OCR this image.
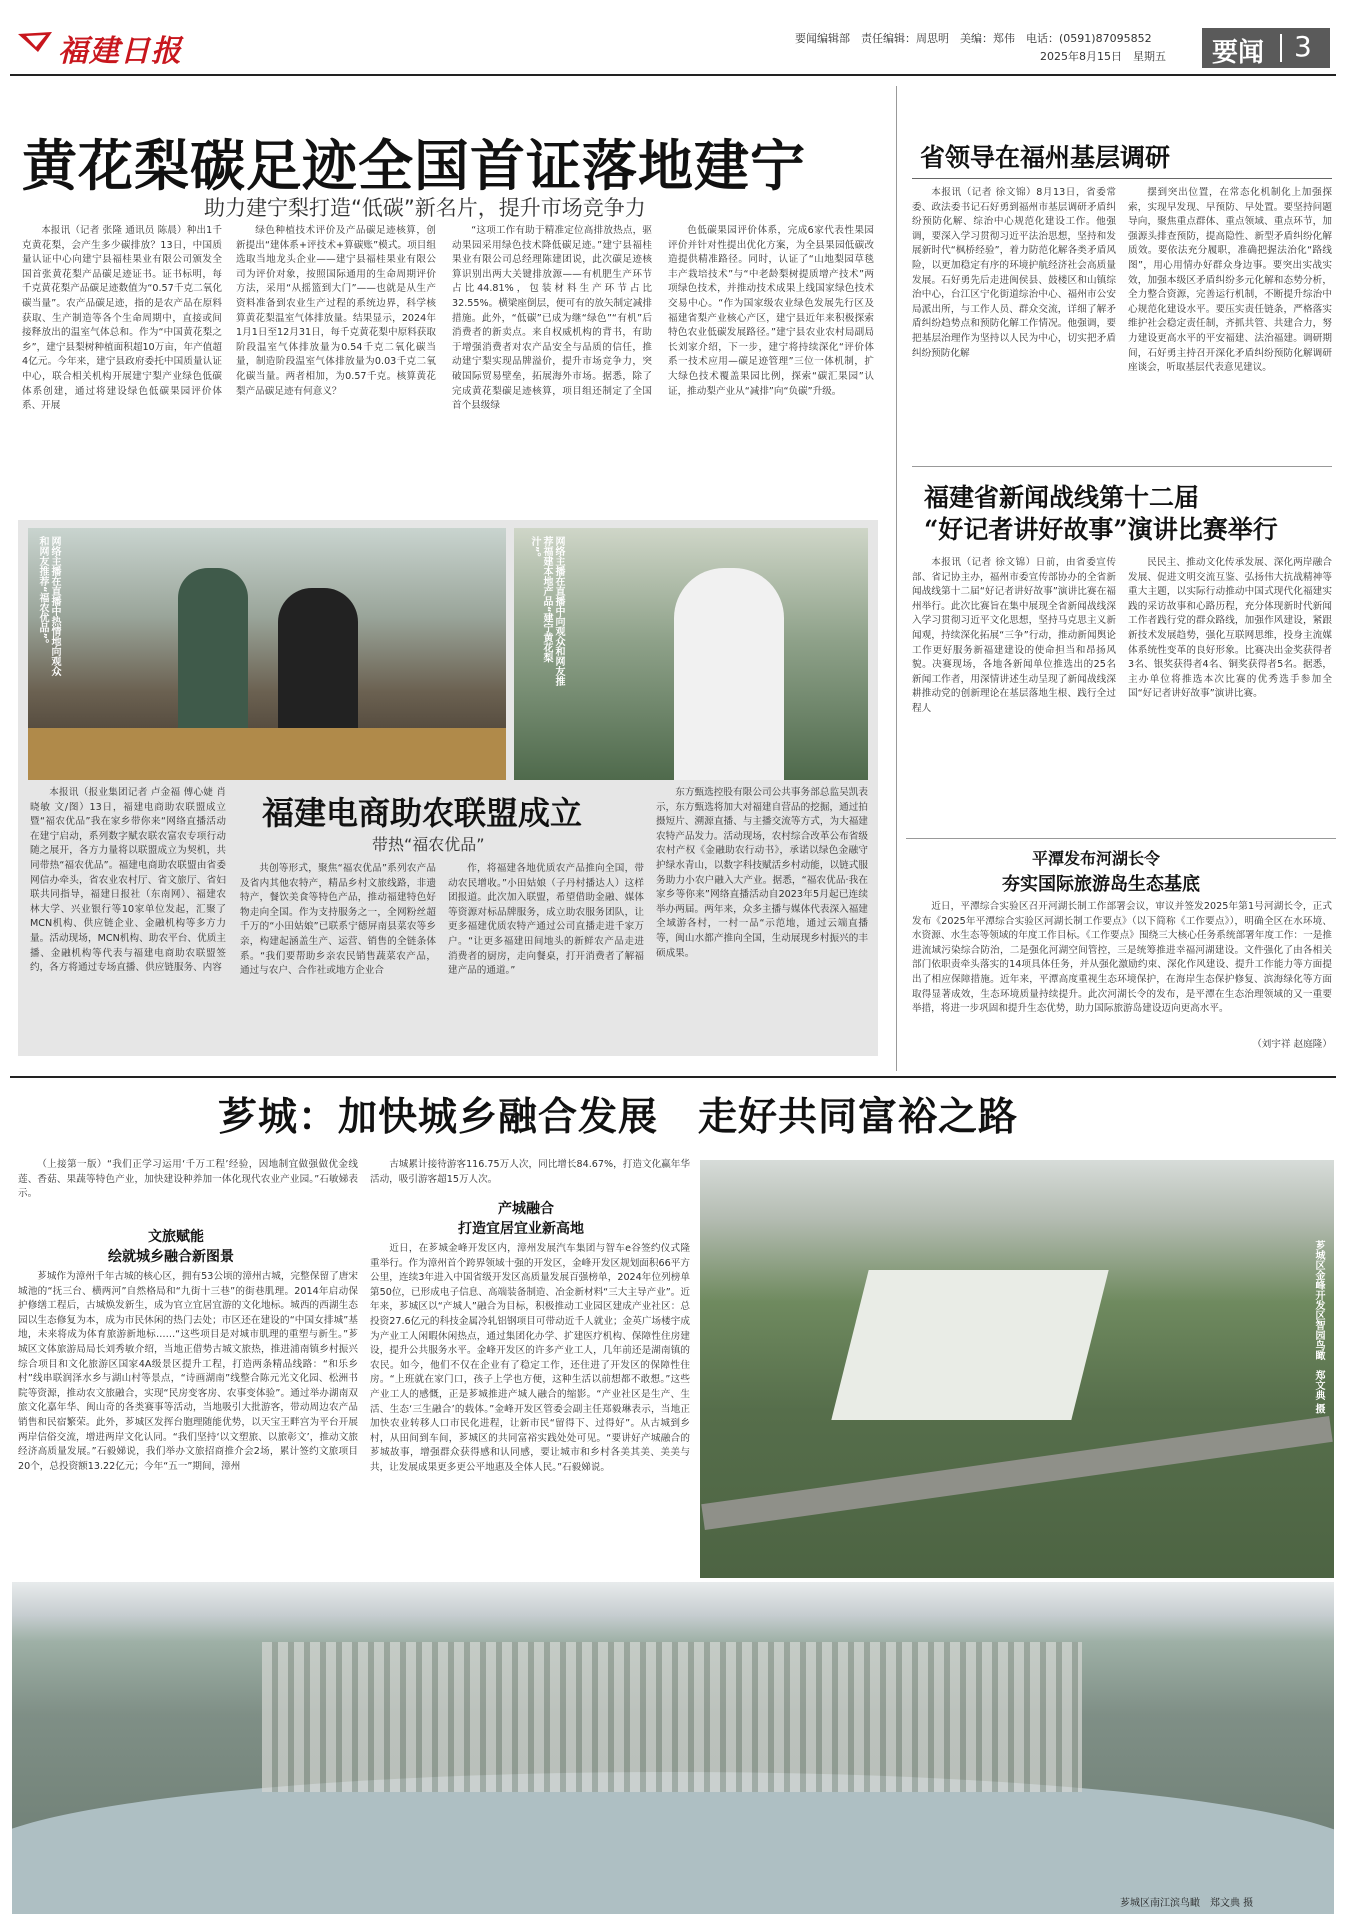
福建日报	要闻编辑部　责任编辑：周思明　美编：郑伟　电话：(0591)87095852
2025年8月15日　星期五 要闻 3
黄花梨碳足迹全国首证落地建宁
助力建宁梨打造“低碳”新名片，提升市场竞争力

本报讯（记者 张隆 通讯员 陈晨）种出1千克黄花梨，会产生多少碳排放？13日，中国质量认证中心向建宁县福桂果业有限公司颁发全国首张黄花梨产品碳足迹证书。证书标明，每千克黄花梨产品碳足迹数值为“0.57千克二氧化碳当量”。农产品碳足迹，指的是农产品在原料获取、生产制造等各个生命周期中，直接或间接释放出的温室气体总和。作为“中国黄花梨之乡”，建宁县梨树种植面积超10万亩，年产值超4亿元。今年来，建宁县政府委托中国质量认证中心，联合相关机构开展建宁梨产业绿色低碳体系创建，通过将建设绿色低碳果园评价体系、开展

绿色种植技术评价及产品碳足迹核算，创新提出“建体系+评技术+算碳账”模式。项目组选取当地龙头企业——建宁县福桂果业有限公司为评价对象，按照国际通用的生命周期评价方法，采用“从摇篮到大门”——也就是从生产资料准备到农业生产过程的系统边界，科学核算黄花梨温室气体排放量。结果显示，2024年1月1日至12月31日，每千克黄花梨中原料获取阶段温室气体排放量为0.54千克二氧化碳当量，制造阶段温室气体排放量为0.03千克二氧化碳当量。两者相加，为0.57千克。核算黄花梨产品碳足迹有何意义？

“这项工作有助于精准定位高排放热点，驱动果园采用绿色技术降低碳足迹。”建宁县福桂果业有限公司总经理陈建团说，此次碳足迹核算识别出两大关键排放源——有机肥生产环节占比44.81%，包装材料生产环节占比32.55%。横梁座倒层，便可有的放矢制定减排措施。此外，“低碳”已成为继“绿色”“有机”后消费者的新卖点。来自权威机构的背书，有助于增强消费者对农产品安全与品质的信任，推动建宁梨实现品牌溢价，提升市场竞争力，突破国际贸易壁垒，拓展海外市场。据悉，除了完成黄花梨碳足迹核算，项目组还制定了全国首个县级绿

色低碳果园评价体系，完成6家代表性果园评价并针对性提出优化方案，为全县果园低碳改造提供精准路径。同时，认证了“山地梨园草毯丰产栽培技术”与“中老龄梨树提质增产技术”两项绿色技术，并推动技术成果上线国家绿色技术交易中心。“作为国家级农业绿色发展先行区及福建省梨产业核心产区，建宁县近年来积极探索特色农业低碳发展路径。”建宁县农业农村局副局长刘家介绍，下一步，建宁将持续深化“评价体系一技术应用—碳足迹管理”三位一体机制，扩大绿色技术覆盖果园比例，探索“碳汇果园”认证，推动梨产业从“减排”向“负碳”升级。

网络主播在直播中热情地向观众和网友推荐“福农优品”。	网络主播在直播中向观众和网友推荐福建本地产品“建宁黄花梨汁”。
福建电商助农联盟成立
带热“福农优品”

本报讯（报业集团记者 卢金福 傅心婕 肖晓敏 文/图）13日，福建电商助农联盟成立暨“福农优品”我在家乡带你来“网络直播活动在建宁启动，系列数字赋农联农富农专项行动随之展开，各方力量将以联盟成立为契机，共同带热“福农优品”。福建电商助农联盟由省委网信办牵头，省农业农村厅、省文旅厅、省妇联共同指导，福建日报社（东南网）、福建农林大学、兴业银行等10家单位发起，汇聚了MCN机构、供应链企业、金融机构等多方力量。活动现场，MCN机构、助农平台、优质主播、金融机构等代表与福建电商助农联盟签约，各方将通过专场直播、供应链服务、内容

共创等形式，聚焦“福农优品”系列农产品及省内其他农特产，精品乡村文旅线路，非遗特产，餐饮美食等特色产品，推动福建特色好物走向全国。作为支持服务之一，全网粉丝超千万的“小田姑娘”已联系宁德屏南县菜农等乡亲，构建起涵盖生产、运营、销售的全链条体系。“我们要帮助乡亲农民销售蔬菜农产品，通过与农户、合作社或地方企业合

作，将福建各地优质农产品推向全国，带动农民增收。”小田姑娘（子丹村播达人）这样团报道。此次加入联盟，希望借助金融、媒体等资源对标品牌服务，成立助农服务团队，让更多福建优质农特产通过公司直播走进千家万户。“让更多福建田间地头的新鲜农产品走进消费者的厨房，走向餐桌，打开消费者了解福建产品的通道。”

东方甄选控股有限公司公共事务部总监吴凯表示，东方甄选将加大对福建自营品的挖掘，通过拍摄短片、溯源直播、与主播交流等方式，为大福建农特产品发力。活动现场，农村综合改革公布省级农村产权《金融助农行动书》，承诺以绿色金融守护绿水青山，以数字科技赋活乡村动能，以链式服务助力小农户融入大产业。据悉，“福农优品·我在家乡等你来”网络直播活动自2023年5月起已连续举办两届。两年来，众多主播与媒体代表深入福建全域游各村，一村一品“示范地，通过云端直播等，闽山水都产推向全国，生动展现乡村振兴的丰硕成果。

省领导在福州基层调研

本报讯（记者 徐文锦）8月13日，省委常委、政法委书记石好勇到福州市基层调研矛盾纠纷预防化解、综治中心规范化建设工作。他强调，要深入学习贯彻习近平法治思想，坚持和发展新时代“枫桥经验”，着力防范化解各类矛盾风险，以更加稳定有序的环境护航经济社会高质量发展。石好勇先后走进闽侯县、鼓楼区和山镇综治中心，台江区宁化街道综治中心、福州市公安局派出所，与工作人员、群众交流，详细了解矛盾纠纷趋势点和预防化解工作情况。他强调，要把基层治理作为坚持以人民为中心，切实把矛盾纠纷预防化解

摆到突出位置，在常态化机制化上加强探索，实现早发现、早预防、早处置。要坚持问题导向，聚焦重点群体、重点领域、重点环节，加强源头排查预防，提高隐性、新型矛盾纠纷化解质效。要依法充分履职，准确把握法治化“路线图”，用心用情办好群众身边事。要突出实战实效，加强本级区矛盾纠纷多元化解和态势分析，全力整合资源，完善运行机制，不断提升综治中心规范化建设水平。要压实责任链条，严格落实维护社会稳定责任制，齐抓共管、共建合力，努力建设更高水平的平安福建、法治福建。调研期间，石好勇主持召开深化矛盾纠纷预防化解调研座谈会，听取基层代表意见建议。

福建省新闻战线第十二届
“好记者讲好故事”演讲比赛举行

本报讯（记者 徐文锦）日前，由省委宣传部、省记协主办，福州市委宣传部协办的全省新闻战线第十二届“好记者讲好故事”演讲比赛在福州举行。此次比赛旨在集中展现全省新闻战线深入学习贯彻习近平文化思想，坚持马克思主义新闻观，持续深化拓展“三争”行动，推动新闻舆论工作更好服务新福建建设的使命担当和昂扬风貌。决赛现场，各地各新闻单位推选出的25名新闻工作者，用深情讲述生动呈现了新闻战线深耕推动党的创新理论在基层落地生根、践行全过程人

民民主、推动文化传承发展、深化两岸融合发展、促进文明交流互鉴、弘扬伟大抗战精神等重大主题，以实际行动推动中国式现代化福建实践的采访故事和心路历程，充分体现新时代新闻工作者践行党的群众路线，加强作风建设，紧跟新技术发展趋势，强化互联网思维，投身主流媒体系统性变革的良好形象。比赛决出金奖获得者3名、银奖获得者4名、铜奖获得者5名。据悉，主办单位将推选本次比赛的优秀选手参加全国“好记者讲好故事”演讲比赛。

平潭发布河湖长令
夯实国际旅游岛生态基底

近日，平潭综合实验区召开河湖长制工作部署会议，审议并签发2025年第1号河湖长令，正式发布《2025年平潭综合实验区河湖长制工作要点》（以下简称《工作要点》），明确全区在水环境、水资源、水生态等领域的年度工作目标。《工作要点》围绕三大核心任务系统部署年度工作：一是推进流域污染综合防治，二是强化河湖空间管控，三是统筹推进幸福河湖建设。文件强化了由各相关部门依职责牵头落实的14项具体任务，并从强化激励约束、深化作风建设、提升工作能力等方面提出了相应保障措施。近年来，平潭高度重视生态环境保护，在海岸生态保护修复、滨海绿化等方面取得显著成效，生态环境质量持续提升。此次河湖长令的发布，是平潭在生态治理领域的又一重要举措，将进一步巩固和提升生态优势，助力国际旅游岛建设迈向更高水平。

（刘宇祥 赵庭隆）
芗城：加快城乡融合发展　走好共同富裕之路

（上接第一版）“我们正学习运用‘千万工程’经验，因地制宜做强做优金线莲、香菇、果蔬等特色产业，加快建设种养加一体化现代农业产业园。”石敏娣表示。

文旅赋能
绘就城乡融合新图景

芗城作为漳州千年古城的核心区，拥有53公顷的漳州古城，完整保留了唐宋城池的“抚三台、横两河”自然格局和“九街十三巷”的街巷肌理。2014年启动保护修缮工程后，古城焕发新生，成为官立宜居宜游的文化地标。城西的西湖生态园以生态修复为本，成为市民休闲的热门去处；市区还在建设的“中国女排城”基地，未来将成为体育旅游新地标……“这些项目是对城市肌理的重塑与新生。”芗城区文体旅游局局长刘秀敏介绍，当地正借势古城文旅热，推进浦南镇乡村振兴综合项目和文化旅游区国家4A级景区提升工程，打造两条精品线路：“和乐乡村”线串联润泽水乡与湖山村等景点，“诗画湖南”线整合陈元光文化园、松洲书院等资源，推动农文旅融合，实现“民房变客房、农事变体验”。通过举办湖南双旅文化嘉年华、闽山奇的各类赛事等活动，当地吸引大批游客，带动周边农产品销售和民宿繁荣。此外，芗城区发挥台胞理随能优势，以天宝王畔宫为平台开展两岸信俗交流，增进两岸文化认同。“我们坚持‘以文塑旅、以旅彰文’，推动文旅经济高质量发展。”石毅娣说，我们举办文旅招商推介会2场，累计签约文旅项目20个，总投资额13.22亿元；今年“五一”期间，漳州

古城累计接待游客116.75万人次，同比增长84.67%，打造文化赢年华活动，吸引游客超15万人次。

产城融合
打造宜居宜业新高地

近日，在芗城金峰开发区内，漳州发展汽车集团与智车e谷签约仪式隆重举行。作为漳州首个跨界领域十强的开发区，金峰开发区规划面积66平方公里，连续3年进入中国省级开发区高质量发展百强榜单，2024年位列榜单第50位，已形成电子信息、高端装备制造、冶金新材料“三大主导产业”。近年来，芗城区以“产城人”融合为目标，积极推动工业园区建成产业社区：总投资27.6亿元的科技金属冷轧铝钢项目可带动近千人就业；金英广场楼宇成为产业工人闲暇休闲热点，通过集团化办学、扩建医疗机构、保障性住房建设，提升公共服务水平。金峰开发区的许多产业工人，几年前还是湖南镇的农民。如今，他们不仅在企业有了稳定工作，还住进了开发区的保障性住房。“上班就在家门口，孩子上学也方便，这种生活以前想都不敢想。”这些产业工人的感慨，正是芗城推进产城人融合的缩影。“产业社区是生产、生活、生态‘三生融合’的载体。”金峰开发区管委会副主任郑毅琳表示，当地正加快农业转移人口市民化进程，让新市民“留得下、过得好”。从古城到乡村，从田间到车间，芗城区的共同富裕实践处处可见。“要讲好产城融合的芗城故事，增强群众获得感和认同感，要让城市和乡村各美其美、美美与共，让发展成果更多更公平地惠及全体人民。”石毅娣说。

芗城区金峰开发区智园鸟瞰　郑文典 摄
芗城区南江滨鸟瞰　郑文典 摄
